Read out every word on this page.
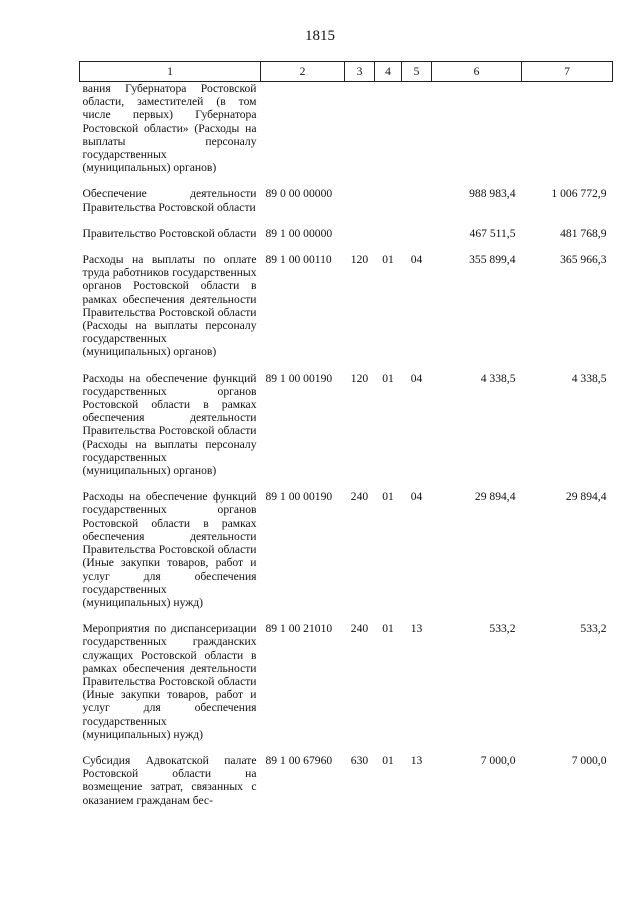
1815
1	2	3	4	5	6	7
вания Губернатора Ростовской области, заместителей (в том числе первых) Губернатора Ростовской области» (Расходы на выплаты персоналу государственных (муниципальных) органов)						
Обеспечение деятельности Правительства Ростовской области	89 0 00 00000				988 983,4	1 006 772,9
Правительство Ростовской области	89 1 00 00000				467 511,5	481 768,9
Расходы на выплаты по оплате труда работников государственных органов Ростовской области в рамках обеспечения деятельности Правительства Ростовской области (Расходы на выплаты персоналу государственных (муниципальных) органов)	89 1 00 00110	120	01	04	355 899,4	365 966,3
Расходы на обеспечение функций государственных органов Ростовской области в рамках обеспечения деятельности Правительства Ростовской области (Расходы на выплаты персоналу государственных (муниципальных) органов)	89 1 00 00190	120	01	04	4 338,5	4 338,5
Расходы на обеспечение функций государственных органов Ростовской области в рамках обеспечения деятельности Правительства Ростовской области (Иные закупки товаров, работ и услуг для обеспечения государственных (муниципальных) нужд)	89 1 00 00190	240	01	04	29 894,4	29 894,4
Мероприятия по диспансеризации государственных гражданских служащих Ростовской области в рамках обеспечения деятельности Правительства Ростовской области (Иные закупки товаров, работ и услуг для обеспечения государственных (муниципальных) нужд)	89 1 00 21010	240	01	13	533,2	533,2
Субсидия Адвокатской палате Ростовской области на возмещение затрат, связанных с оказанием гражданам бес-	89 1 00 67960	630	01	13	7 000,0	7 000,0
